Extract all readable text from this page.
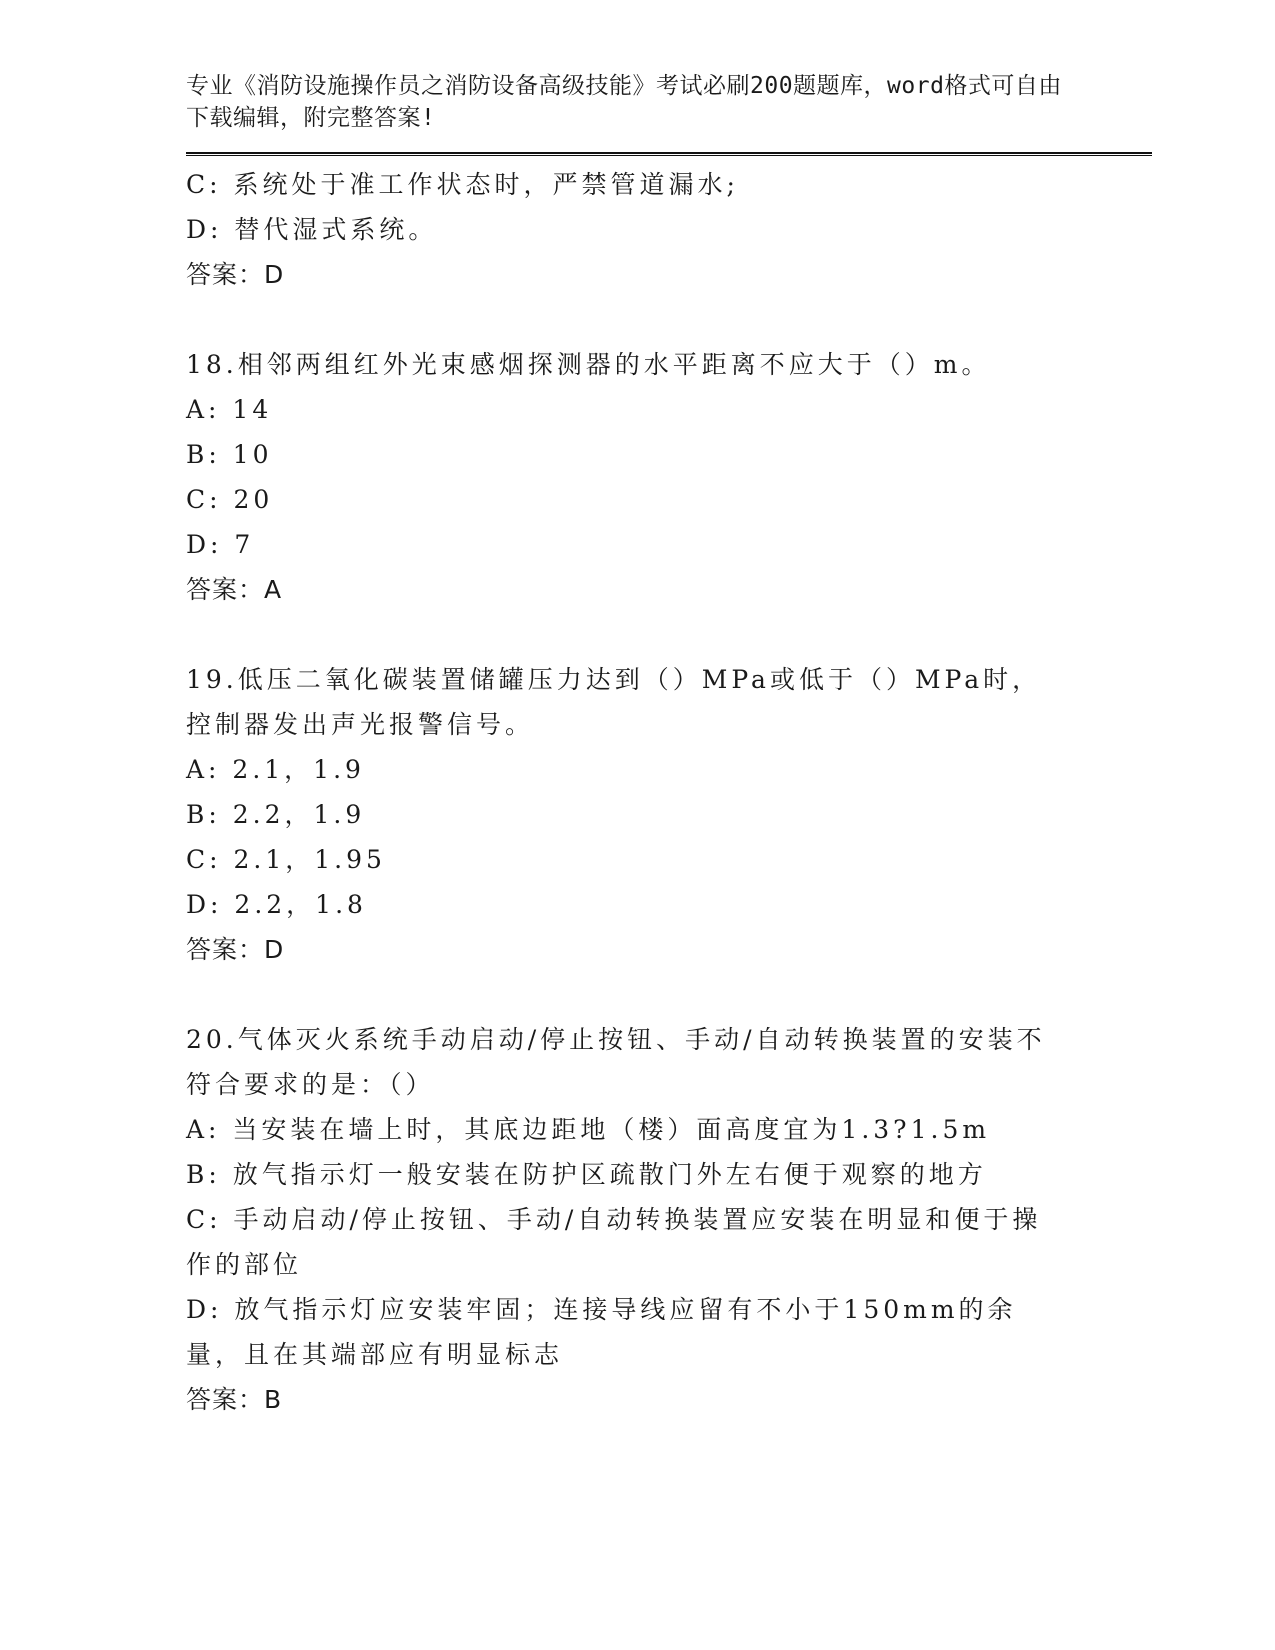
专业《消防设施操作员之消防设备高级技能》考试必刷200题题库，word格式可自由下载编辑，附完整答案!
C: 系统处于准工作状态时，严禁管道漏水;
D: 替代湿式系统。
答案：D
18.相邻两组红外光束感烟探测器的水平距离不应大于（）m。
A: 14
B: 10
C: 20
D: 7
答案：A
19.低压二氧化碳装置储罐压力达到（）MPa或低于（）MPa时，控制器发出声光报警信号。
A: 2.1，1.9
B: 2.2，1.9
C: 2.1，1.95
D: 2.2，1.8
答案：D
20.气体灭火系统手动启动/停止按钮、手动/自动转换装置的安装不符合要求的是：（）
A: 当安装在墙上时，其底边距地（楼）面高度宜为1.3?1.5m
B: 放气指示灯一般安装在防护区疏散门外左右便于观察的地方
C: 手动启动/停止按钮、手动/自动转换装置应安装在明显和便于操作的部位
D: 放气指示灯应安装牢固；连接导线应留有不小于150mm的余量，且在其端部应有明显标志
答案：B
